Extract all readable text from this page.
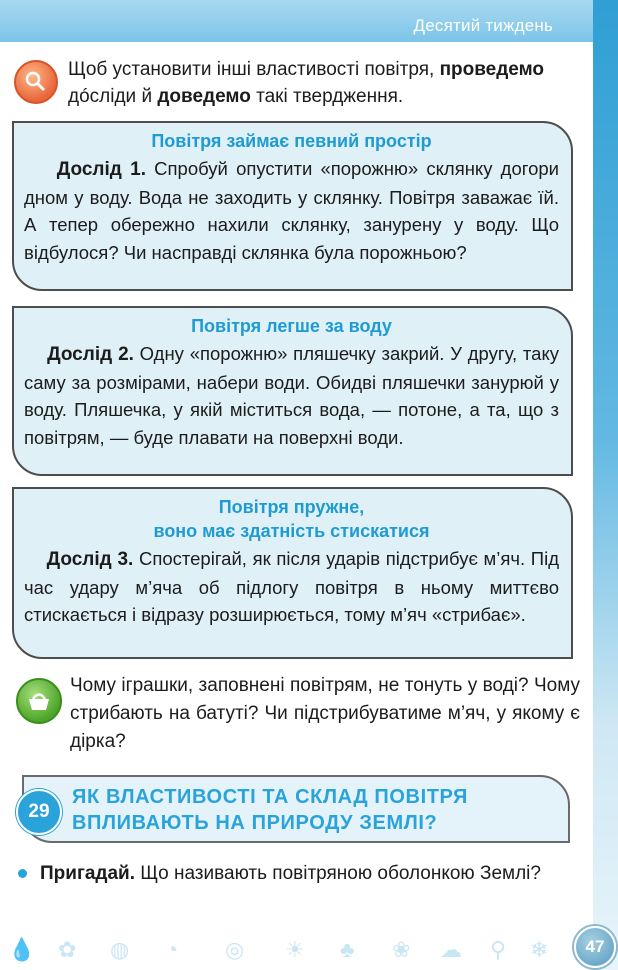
Десятий тиждень

Щоб установити інші властивості повітря, проведемо дóсліди й доведемо такі твердження.

Повітря займає певний простір

Дослід 1. Спробуй опустити «порожню» склянку догори дном у воду. Вода не заходить у склянку. Повітря заважає їй. А тепер обережно нахили склянку, занурену у воду. Що відбулося? Чи насправді склянка була порожньою?

Повітря легше за воду

Дослід 2. Одну «порожню» пляшечку закрий. У другу, таку саму за розмірами, набери води. Обидві пляшечки занурюй у воду. Пляшечка, у якій міститься вода, — потоне, а та, що з повітрям, — буде плавати на поверхні води.

Повітря пружне,
воно має здатність стискатися

Дослід 3. Спостерігай, як після ударів підстрибує м’яч. Під час удару м’яча об підлогу повітря в ньому миттєво стискається і відразу розширюється, тому м’яч «стрибає».

Чому іграшки, заповнені повітрям, не тонуть у воді? Чому стрибають на батуті? Чи підстрибуватиме м’яч, у якому є дірка?

29
ЯК ВЛАСТИВОСТІ ТА СКЛАД ПОВІТРЯ
ВПЛИВАЮТЬ НА ПРИРОДУ ЗЕМЛІ?

Пригадай. Що називають повітряною оболонкою Землі?

💧 ✿ ◍ ◔ ◎ ☀ ♣ ❀ ☁ ⚲ ❄	47
